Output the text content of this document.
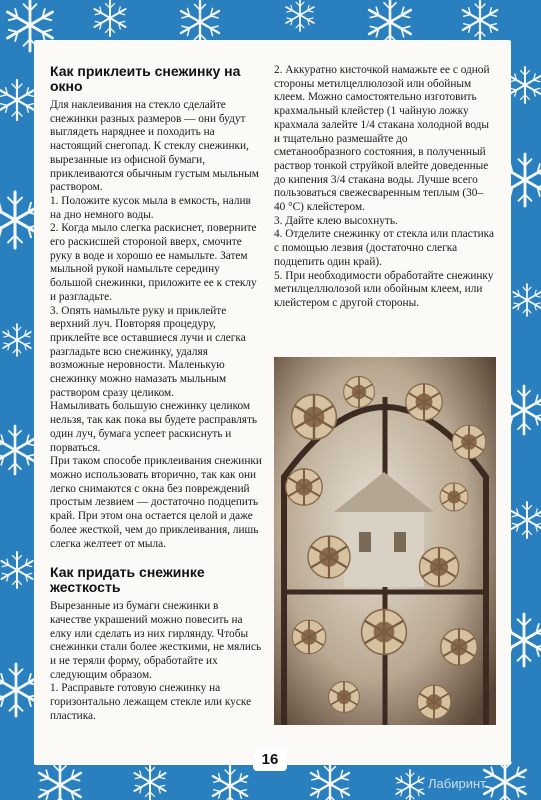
Как приклеить снежинку на окно

Для наклеивания на стекло сделайте снежинки разных размеров — они будут выглядеть наряднее и походить на настоящий снегопад. К стеклу снежинки, вырезанные из офисной бумаги, приклеиваются обычным густым мыльным раствором.

1. Положите кусок мыла в емкость, налив на дно немного воды.

2. Когда мыло слегка раскиснет, поверните его раскисшей стороной вверх, смочите руку в воде и хорошо ее намыльте. Затем мыльной рукой намыльте середину большой снежинки, приложите ее к стеклу и разгладьте.

3. Опять намыльте руку и приклейте верхний луч. Повторяя процедуру, приклейте все оставшиеся лучи и слегка разгладьте всю снежинку, удаляя возможные неровности. Маленькую снежинку можно намазать мыльным раствором сразу целиком.

Намыливать большую снежинку целиком нельзя, так как пока вы будете расправлять один луч, бумага успеет раскиснуть и порваться.

При таком способе приклеивания снежинки можно использовать вторично, так как они легко снимаются с окна без повреждений простым лезвием — достаточно подцепить край. При этом она остается целой и даже более жесткой, чем до приклеивания, лишь слегка желтеет от мыла.

Как придать снежинке жесткость

Вырезанные из бумаги снежинки в качестве украшений можно повесить на елку или сделать из них гирлянду. Чтобы снежинки стали более жесткими, не мялись и не теряли форму, обработайте их следующим образом.

1. Расправьте готовую снежинку на горизонтально лежащем стекле или куске пластика.

2. Аккуратно кисточкой намажьте ее с одной стороны метилцеллюлозой или обойным клеем. Можно самостоятельно изготовить крахмальный клейстер (1 чайную ложку крахмала залейте 1/4 стакана холодной воды и тщательно размешайте до сметанообразного состояния, в полученный раствор тонкой струйкой влейте доведенные до кипения 3/4 стакана воды. Лучше всего пользоваться свежесваренным теплым (30–40 °С) клейстером.

3. Дайте клею высохнуть.

4. Отделите снежинку от стекла или пластика с помощью лезвия (достаточно слегка подцепить один край).

5. При необходимости обработайте снежинку метилцеллюлозой или обойным клеем, или клейстером с другой стороны.

16
Лабиринт
